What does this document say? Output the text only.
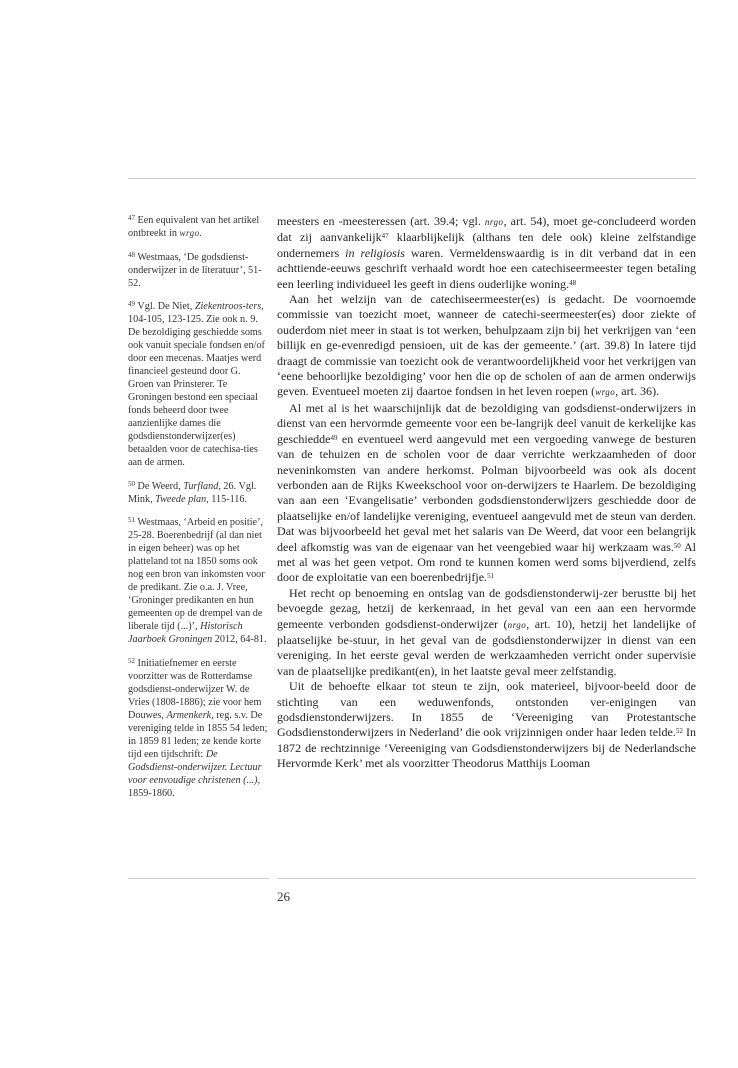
$^{47}$ Een equivalent van het artikel ontbreekt in wrgo.

$^{48}$ Westmaas, ‘De godsdienst-onderwijzer in de literatuur’, 51-52.

$^{49}$ Vgl. De Niet, Ziekentroos-ters, 104-105, 123-125. Zie ook n. 9. De bezoldiging geschiedde soms ook vanuit speciale fondsen en/of door een mecenas. Maatjes werd financieel gesteund door G. Groen van Prinsterer. Te Groningen bestond een speciaal fonds beheerd door twee aanzienlijke dames die godsdienstonderwijzer(es) betaalden voor de catechisa-ties aan de armen.

$^{50}$ De Weerd, Turfland, 26. Vgl. Mink, Tweede plan, 115-116.

$^{51}$ Westmaas, ‘Arbeid en positie’, 25-28. Boerenbedrijf (al dan niet in eigen beheer) was op het platteland tot na 1850 soms ook nog een bron van inkomsten voor de predikant. Zie o.a. J. Vree, ‘Groninger predikanten en hun gemeenten op de drempel van de liberale tijd (...)’, Historisch Jaarboek Groningen 2012, 64-81.

$^{52}$ Initiatiefnemer en eerste voorzitter was de Rotterdamse godsdienst-onderwijzer W. de Vries (1808-1886); zie voor hem Douwes, Armenkerk, reg. s.v. De vereniging telde in 1855 54 leden; in 1859 81 leden; ze kende korte tijd een tijdschrift: De Godsdienst-onderwijzer. Lectuur voor eenvoudige christenen (...), 1859-1860.

meesters en -meesteressen (art. 39.4; vgl. nrgo, art. 54), moet ge-concludeerd worden dat zij aanvankelijk$^{47}$ klaarblijkelijk (althans ten dele ook) kleine zelfstandige ondernemers in religiosis waren. Vermeldenswaardig is in dit verband dat in een achttiende-eeuws geschrift verhaald wordt hoe een catechiseermeester tegen betaling een leerling individueel les geeft in diens ouderlijke woning.$^{48}$

Aan het welzijn van de catechiseermeester(es) is gedacht. De voornoemde commissie van toezicht moet, wanneer de catechi-seermeester(es) door ziekte of ouderdom niet meer in staat is tot werken, behulpzaam zijn bij het verkrijgen van ‘een billijk en ge-evenredigd pensioen, uit de kas der gemeente.’ (art. 39.8) In latere tijd draagt de commissie van toezicht ook de verantwoordelijkheid voor het verkrijgen van ‘eene behoorlijke bezoldiging’ voor hen die op de scholen of aan de armen onderwijs geven. Eventueel moeten zij daartoe fondsen in het leven roepen (wrgo, art. 36).

Al met al is het waarschijnlijk dat de bezoldiging van godsdienst-onderwijzers in dienst van een hervormde gemeente voor een be-langrijk deel vanuit de kerkelijke kas geschiedde$^{49}$ en eventueel werd aangevuld met een vergoeding vanwege de besturen van de tehuizen en de scholen voor de daar verrichte werkzaamheden of door neveninkomsten van andere herkomst. Polman bijvoorbeeld was ook als docent verbonden aan de Rijks Kweekschool voor on-derwijzers te Haarlem. De bezoldiging van aan een ‘Evangelisatie’ verbonden godsdienstonderwijzers geschiedde door de plaatselijke en/of landelijke vereniging, eventueel aangevuld met de steun van derden. Dat was bijvoorbeeld het geval met het salaris van De Weerd, dat voor een belangrijk deel afkomstig was van de eigenaar van het veengebied waar hij werkzaam was.$^{50}$ Al met al was het geen vetpot. Om rond te kunnen komen werd soms bijverdiend, zelfs door de exploitatie van een boerenbedrijfje.$^{51}$

Het recht op benoeming en ontslag van de godsdienstonderwij-zer berustte bij het bevoegde gezag, hetzij de kerkenraad, in het geval van een aan een hervormde gemeente verbonden godsdienst-onderwijzer (nrgo, art. 10), hetzij het landelijke of plaatselijke be-stuur, in het geval van de godsdienstonderwijzer in dienst van een vereniging. In het eerste geval werden de werkzaamheden verricht onder supervisie van de plaatselijke predikant(en), in het laatste geval meer zelfstandig.

Uit de behoefte elkaar tot steun te zijn, ook materieel, bijvoor-beeld door de stichting van een weduwenfonds, ontstonden ver-enigingen van godsdienstonderwijzers. In 1855 de ‘Vereeniging van Protestantsche Godsdienstonderwijzers in Nederland’ die ook vrijzinnigen onder haar leden telde.$^{52}$ In 1872 de rechtzinnige ‘Vereeniging van Godsdienstonderwijzers bij de Nederlandsche Hervormde Kerk’ met als voorzitter Theodorus Matthijs Looman

26
